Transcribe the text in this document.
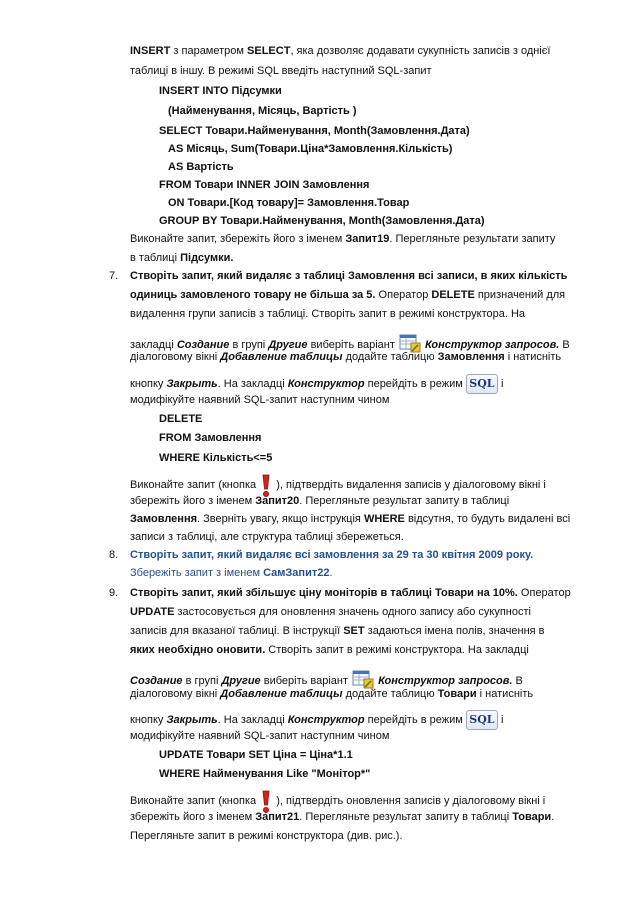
INSERT з параметром SELECT, яка дозволяє додавати сукупність записів з однієї
таблиці в іншу. В режимі SQL введіть наступний SQL-запит
INSERT INTO Підсумки
(Найменування, Місяць, Вартість )
SELECT Товари.Найменування, Month(Замовлення.Дата)
AS Місяць, Sum(Товари.Ціна*Замовлення.Кількість)
AS Вартість
FROM Товари INNER JOIN Замовлення
ON Товари.[Код товару]= Замовлення.Товар
GROUP BY Товари.Найменування, Month(Замовлення.Дата)
Виконайте запит, збережіть його з іменем Запит19. Перегляньте результати запиту
в таблиці Підсумки.
7. Створіть запит, який видаляє з таблиці Замовлення всі записи, в яких кількість
одиниць замовленого товару не більша за 5. Оператор DELETE призначений для
видалення групи записів з таблиці. Створіть запит в режимі конструктора. На
закладці Создание в групі Другие виберіть варіант  Конструктор запросов. В
діалоговому вікні Добавление таблицы додайте таблицю Замовлення і натисніть
кнопку Закрыть. На закладці Конструктор перейдіть в режим SQL і
модифікуйте наявний SQL-запит наступним чином
DELETE
FROM Замовлення
WHERE Кількість<=5
Виконайте запит (кнопка  ), підтвердіть видалення записів у діалоговому вікні і
збережіть його з іменем Запит20. Перегляньте результат запиту в таблиці
Замовлення. Зверніть увагу, якщо інструкція WHERE відсутня, то будуть видалені всі
записи з таблиці, але структура таблиці збережеться.
8. Створіть запит, який видаляє всі замовлення за 29 та 30 квітня 2009 року.
Збережіть запит з іменем СамЗапит22.
9. Створіть запит, який збільшує ціну моніторів в таблиці Товари на 10%. Оператор
UPDATE застосовується для оновлення значень одного запису або сукупності
записів для вказаної таблиці. В інструкції SET задаються імена полів, значення в
яких необхідно оновити. Створіть запит в режимі конструктора. На закладці
Создание в групі Другие виберіть варіант  Конструктор запросов. В
діалоговому вікні Добавление таблицы додайте таблицю Товари і натисніть
кнопку Закрыть. На закладці Конструктор перейдіть в режим SQL і
модифікуйте наявний SQL-запит наступним чином
UPDATE Товари SET Ціна = Ціна*1.1
WHERE Найменування Like "Монітор*"
Виконайте запит (кнопка  ), підтвердіть оновлення записів у діалоговому вікні і
збережіть його з іменем Запит21. Перегляньте результат запиту в таблиці Товари.
Перегляньте запит в режимі конструктора (див. рис.).
